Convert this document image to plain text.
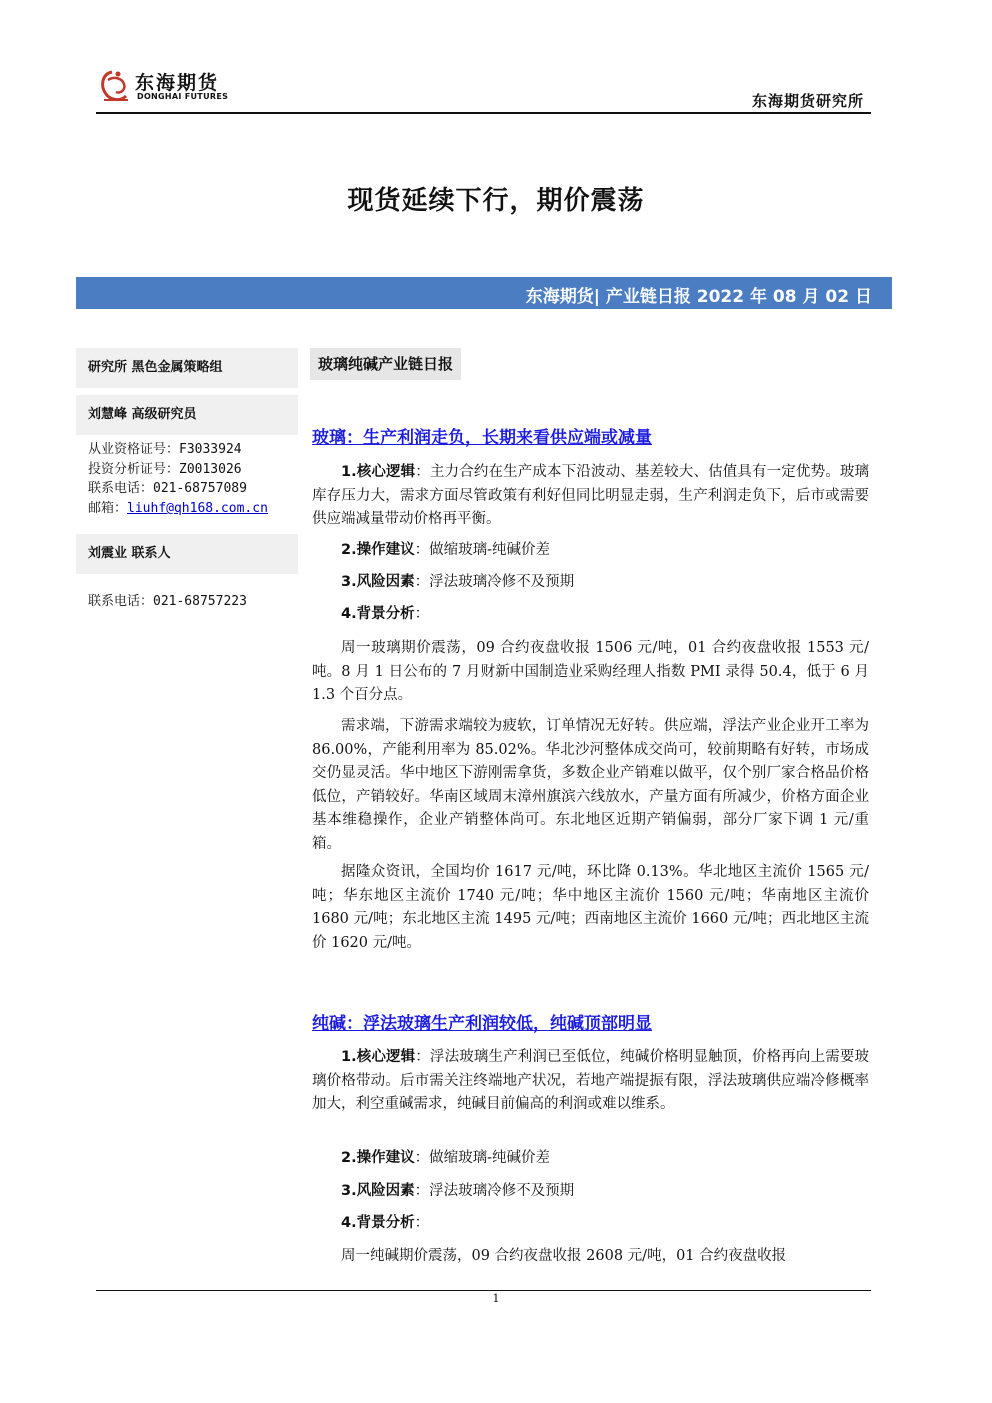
东海期货
DONGHAI FUTURES	东海期货研究所
现货延续下行，期价震荡
东海期货| 产业链日报 2022 年 08 月 02 日
研究所 黑色金属策略组
刘慧峰 高级研究员
从业资格证号：F3033924
投资分析证号：Z0013026
联系电话：021-68757089
邮箱：liuhf@qh168.com.cn
刘震业 联系人
联系电话：021-68757223
玻璃纯碱产业链日报
玻璃：生产利润走负，长期来看供应端或减量
1.核心逻辑：主力合约在生产成本下沿波动、基差较大、估值具有一定优势。玻璃库存压力大，需求方面尽管政策有利好但同比明显走弱，生产利润走负下，后市或需要供应端减量带动价格再平衡。
2.操作建议：做缩玻璃-纯碱价差
3.风险因素：浮法玻璃冷修不及预期
4.背景分析：
周一玻璃期价震荡，09 合约夜盘收报 1506 元/吨，01 合约夜盘收报 1553 元/吨。8 月 1 日公布的 7 月财新中国制造业采购经理人指数 PMI 录得 50.4，低于 6 月 1.3 个百分点。
需求端，下游需求端较为疲软，订单情况无好转。供应端，浮法产业企业开工率为 86.00%，产能利用率为 85.02%。华北沙河整体成交尚可，较前期略有好转，市场成交仍显灵活。华中地区下游刚需拿货，多数企业产销难以做平，仅个别厂家合格品价格低位，产销较好。华南区域周末漳州旗滨六线放水，产量方面有所减少，价格方面企业基本维稳操作，企业产销整体尚可。东北地区近期产销偏弱，部分厂家下调 1 元/重箱。
据隆众资讯，全国均价 1617 元/吨，环比降 0.13%。华北地区主流价 1565 元/吨；华东地区主流价 1740 元/吨；华中地区主流价 1560 元/吨；华南地区主流价 1680 元/吨；东北地区主流 1495 元/吨；西南地区主流价 1660 元/吨；西北地区主流价 1620 元/吨。
纯碱：浮法玻璃生产利润较低，纯碱顶部明显
1.核心逻辑：浮法玻璃生产利润已至低位，纯碱价格明显触顶，价格再向上需要玻璃价格带动。后市需关注终端地产状况，若地产端提振有限，浮法玻璃供应端冷修概率加大，利空重碱需求，纯碱目前偏高的利润或难以维系。
2.操作建议：做缩玻璃-纯碱价差
3.风险因素：浮法玻璃冷修不及预期
4.背景分析：
周一纯碱期价震荡，09 合约夜盘收报 2608 元/吨，01 合约夜盘收报
1
